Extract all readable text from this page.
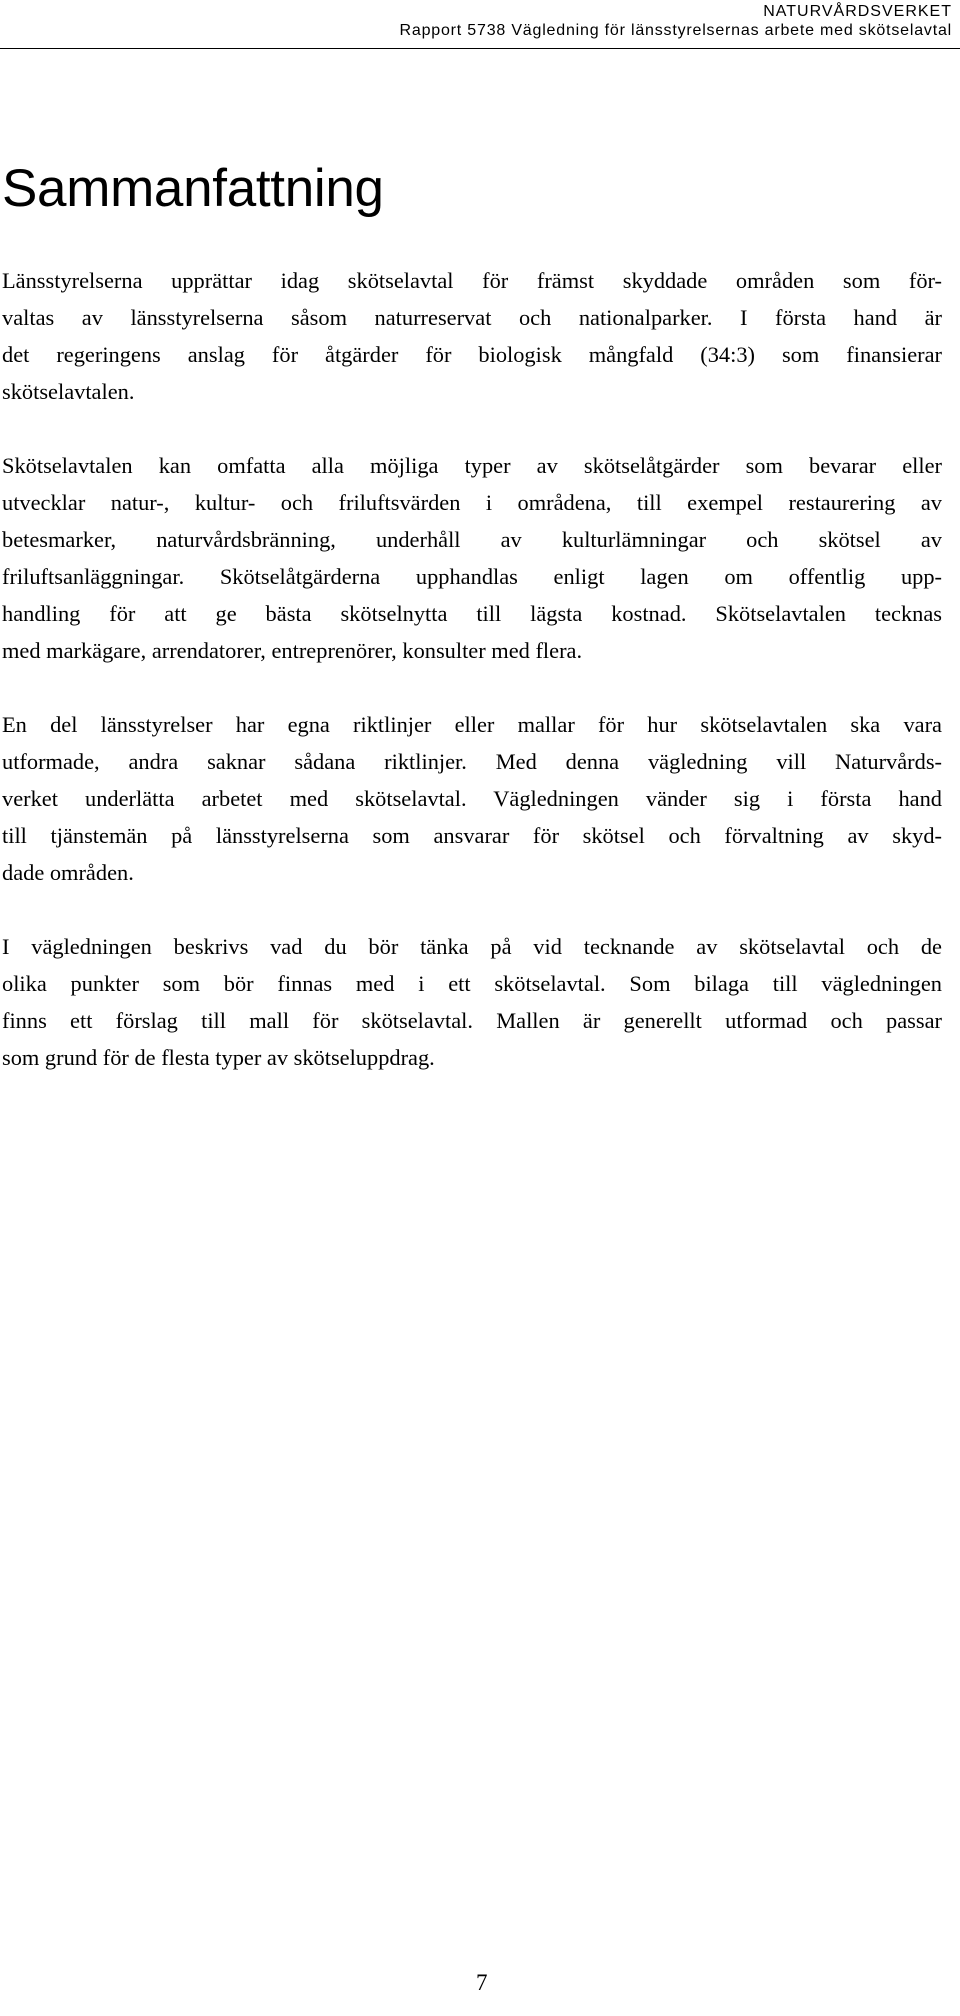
NATURVÅRDSVERKET
Rapport 5738 Vägledning för länsstyrelsernas arbete med skötselavtal
Sammanfattning

Länsstyrelserna upprättar idag skötselavtal för främst skyddade områden som för-
valtas av länsstyrelserna såsom naturreservat och nationalparker. I första hand är
det regeringens anslag för åtgärder för biologisk mångfald (34:3) som finansierar
skötselavtalen.

Skötselavtalen kan omfatta alla möjliga typer av skötselåtgärder som bevarar eller
utvecklar natur-, kultur- och friluftsvärden i områdena, till exempel restaurering av
betesmarker, naturvårdsbränning, underhåll av kulturlämningar och skötsel av
friluftsanläggningar. Skötselåtgärderna upphandlas enligt lagen om offentlig upp-
handling för att ge bästa skötselnytta till lägsta kostnad. Skötselavtalen tecknas
med markägare, arrendatorer, entreprenörer, konsulter med flera.

En del länsstyrelser har egna riktlinjer eller mallar för hur skötselavtalen ska vara
utformade, andra saknar sådana riktlinjer. Med denna vägledning vill Naturvårds-
verket underlätta arbetet med skötselavtal. Vägledningen vänder sig i första hand
till tjänstemän på länsstyrelserna som ansvarar för skötsel och förvaltning av skyd-
dade områden.

I vägledningen beskrivs vad du bör tänka på vid tecknande av skötselavtal och de
olika punkter som bör finnas med i ett skötselavtal. Som bilaga till vägledningen
finns ett förslag till mall för skötselavtal. Mallen är generellt utformad och passar
som grund för de flesta typer av skötseluppdrag.

7
